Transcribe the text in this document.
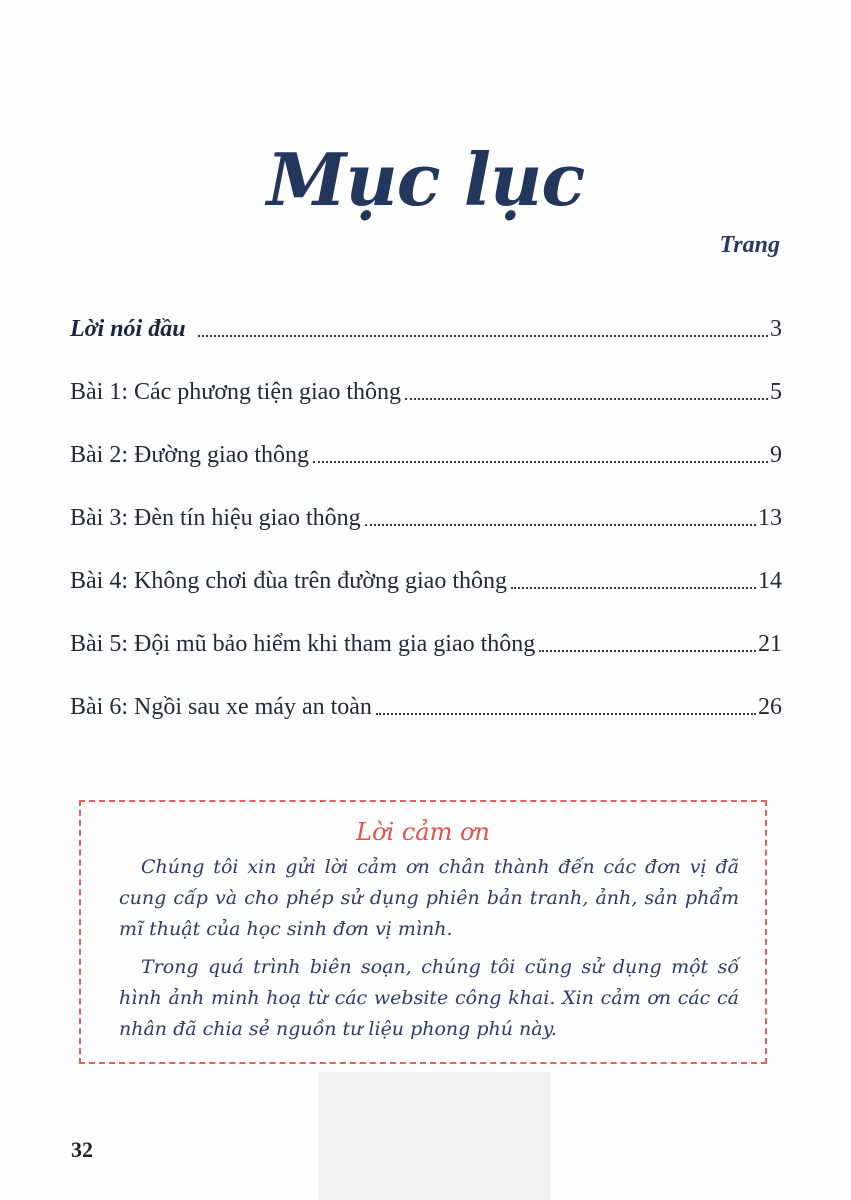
Mục lục
Trang
Lời nói đầu	3
Bài 1: Các phương tiện giao thông	5
Bài 2: Đường giao thông	9
Bài 3: Đèn tín hiệu giao thông	13
Bài 4: Không chơi đùa trên đường giao thông	14
Bài 5: Đội mũ bảo hiểm khi tham gia giao thông	21
Bài 6: Ngồi sau xe máy an toàn	26
Lời cảm ơn

Chúng tôi xin gửi lời cảm ơn chân thành đến các đơn vị đã cung cấp và cho phép sử dụng phiên bản tranh, ảnh, sản phẩm mĩ thuật của học sinh đơn vị mình.

Trong quá trình biên soạn, chúng tôi cũng sử dụng một số hình ảnh minh hoạ từ các website công khai. Xin cảm ơn các cá nhân đã chia sẻ nguồn tư liệu phong phú này.

32
